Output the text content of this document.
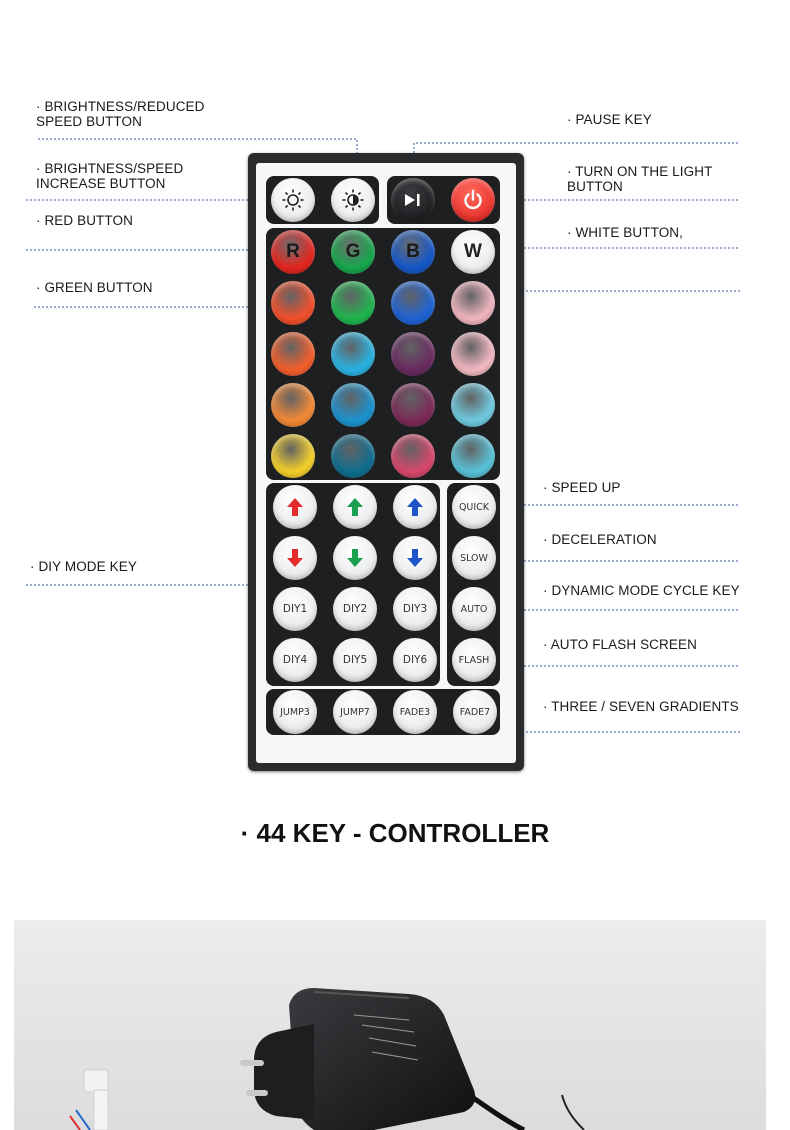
· BRIGHTNESS/REDUCED
SPEED BUTTON
· BRIGHTNESS/SPEED
INCREASE BUTTON
· RED BUTTON
· GREEN BUTTON
· DIY MODE KEY
· PAUSE KEY
· TURN ON THE LIGHT
BUTTON
· WHITE BUTTON,
· SPEED UP
· DECELERATION
· DYNAMIC MODE CYCLE KEY
· AUTO FLASH SCREEN
· THREE / SEVEN GRADIENTS
R	G	B	W
DIY1	DIY2	DIY3
DIY4	DIY5	DIY6
QUICK
SLOW
AUTO
FLASH
JUMP3	JUMP7	FADE3	FADE7
· 44 KEY - CONTROLLER
